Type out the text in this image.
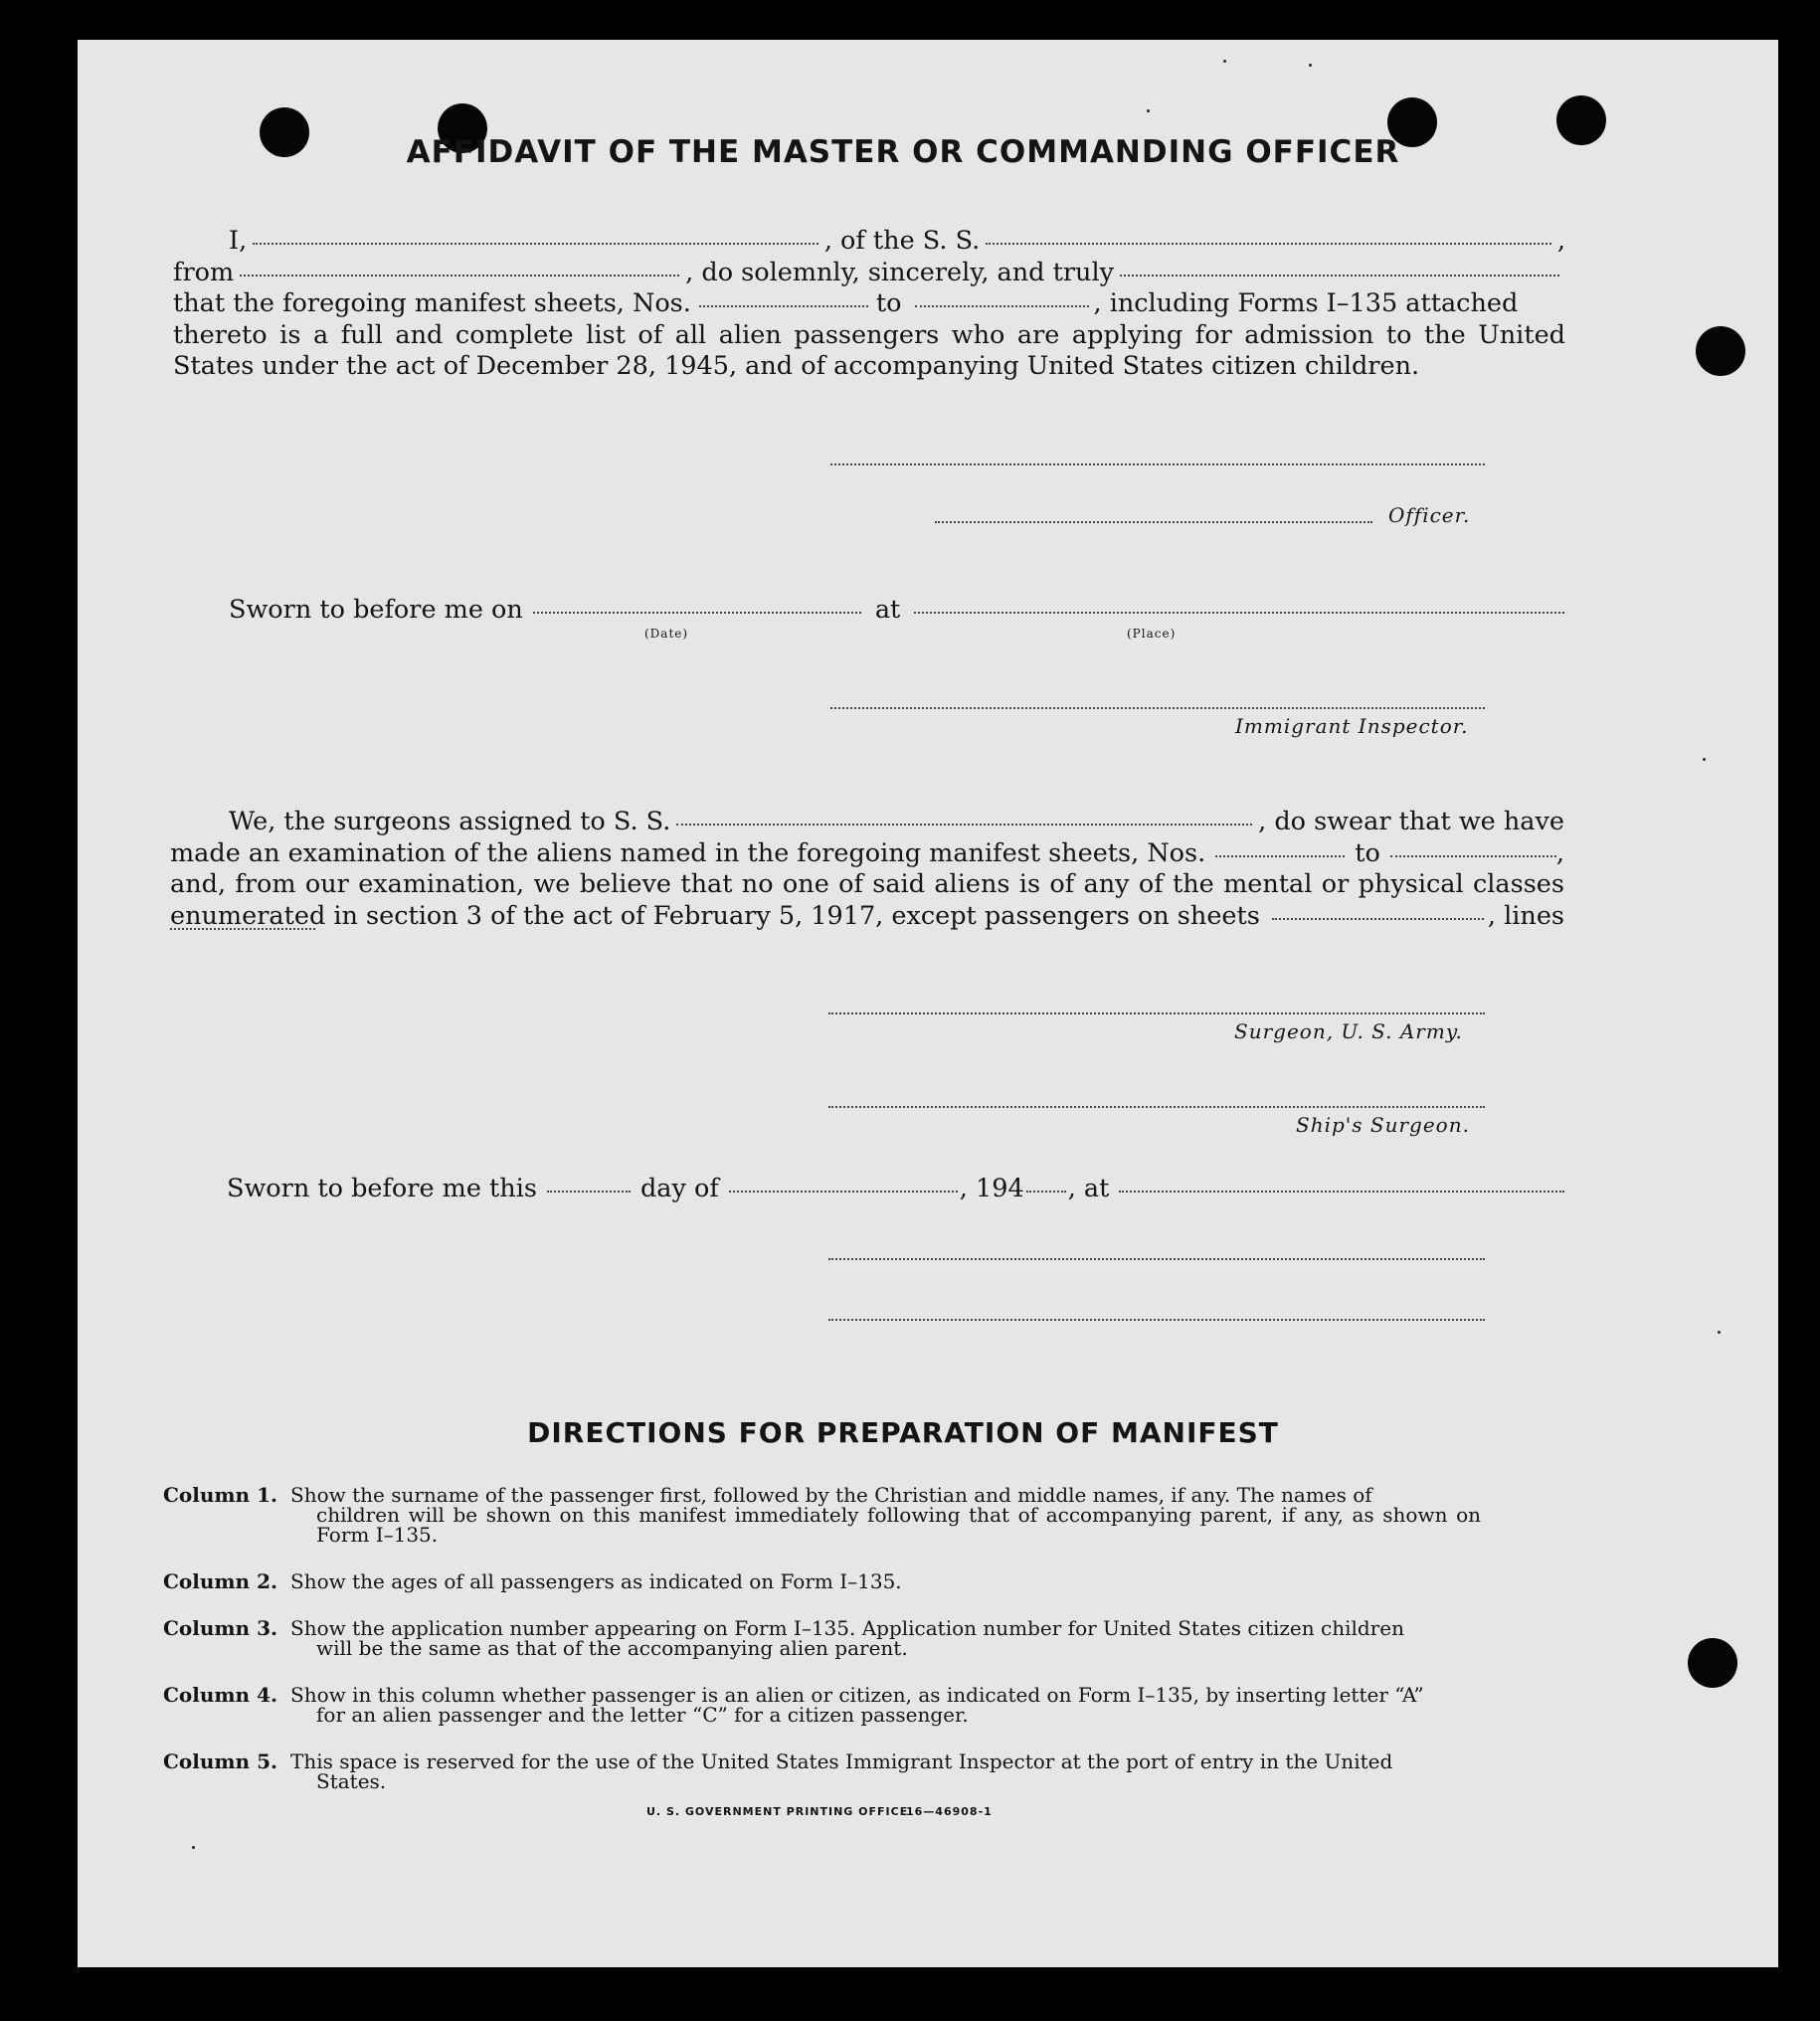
AFFIDAVIT OF THE MASTER OR COMMANDING OFFICER
I,	, of the S. S.	,
from	, do solemnly, sincerely, and truly
that the foregoing manifest sheets, Nos.	to	, including Forms I–135 attached
thereto is a full and complete list of all alien passengers who are applying for admission to the United
States under the act of December 28, 1945, and of accompanying United States citizen children.
Officer.
Sworn to before me on	at
(Date)	(Place)
Immigrant Inspector.
We, the surgeons assigned to S. S.	, do swear that we have
made an examination of the aliens named in the foregoing manifest sheets, Nos.	to	,
and, from our examination, we believe that no one of said aliens is of any of the mental or physical classes
enumerated in section 3 of the act of February 5, 1917, except passengers on sheets	, lines
Surgeon, U. S. Army.
Ship's Surgeon.
Sworn to before me this	day of	, 194 , at
DIRECTIONS FOR PREPARATION OF MANIFEST
Column 1. Show the surname of the passenger first, followed by the Christian and middle names, if any. The names of
children will be shown on this manifest immediately following that of accompanying parent, if any, as shown on Form I–135.
Column 2. Show the ages of all passengers as indicated on Form I–135.
Column 3. Show the application number appearing on Form I–135. Application number for United States citizen children
will be the same as that of the accompanying alien parent.
Column 4. Show in this column whether passenger is an alien or citizen, as indicated on Form I–135, by inserting letter “A”
for an alien passenger and the letter “C” for a citizen passenger.
Column 5. This space is reserved for the use of the United States Immigrant Inspector at the port of entry in the United
States.
U. S. GOVERNMENT PRINTING OFFICE
16—46908-1
